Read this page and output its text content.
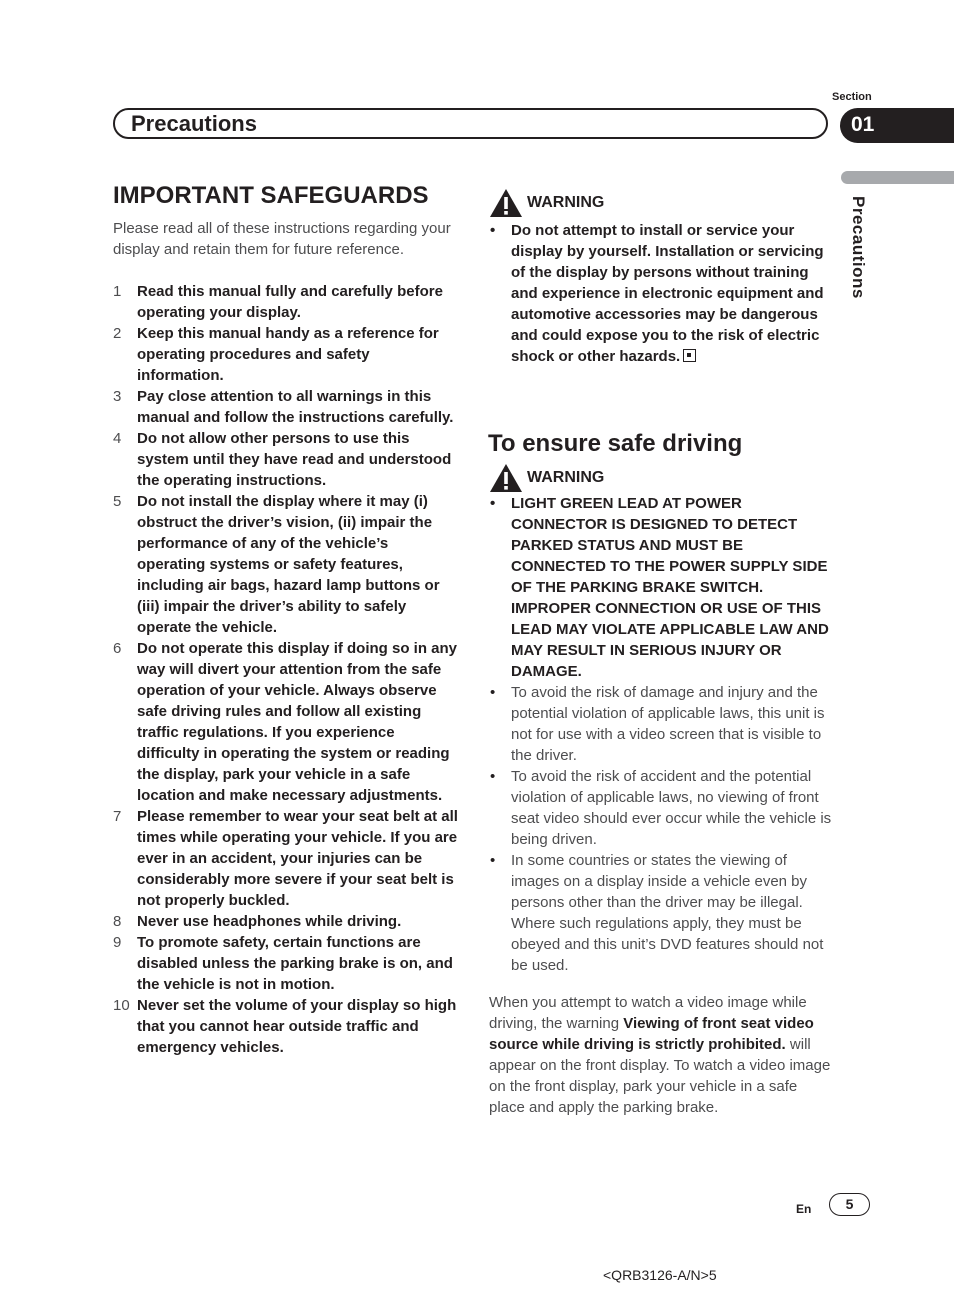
Section
Precautions	01
Precautions
IMPORTANT SAFEGUARDS
Please read all of these instructions regarding your display and retain them for future reference.
1 Read this manual fully and carefully before operating your display.
2 Keep this manual handy as a reference for operating procedures and safety information.
3 Pay close attention to all warnings in this manual and follow the instructions carefully.
4 Do not allow other persons to use this system until they have read and understood the operating instructions.
5 Do not install the display where it may (i) obstruct the driver’s vision, (ii) impair the performance of any of the vehicle’s operating systems or safety features, including air bags, hazard lamp buttons or (iii) impair the driver’s ability to safely operate the vehicle.
6 Do not operate this display if doing so in any way will divert your attention from the safe operation of your vehicle. Always observe safe driving rules and follow all existing traffic regulations. If you experience difficulty in operating the system or reading the display, park your vehicle in a safe location and make necessary adjustments.
7 Please remember to wear your seat belt at all times while operating your vehicle. If you are ever in an accident, your injuries can be considerably more severe if your seat belt is not properly buckled.
8 Never use headphones while driving.
9 To promote safety, certain functions are disabled unless the parking brake is on, and the vehicle is not in motion.
10 Never set the volume of your display so high that you cannot hear outside traffic and emergency vehicles.
WARNING
• Do not attempt to install or service your display by yourself. Installation or servicing of the display by persons without training and experience in electronic equipment and automotive accessories may be dangerous and could expose you to the risk of electric shock or other hazards.
To ensure safe driving
WARNING
• LIGHT GREEN LEAD AT POWER CONNECTOR IS DESIGNED TO DETECT PARKED STATUS AND MUST BE CONNECTED TO THE POWER SUPPLY SIDE OF THE PARKING BRAKE SWITCH. IMPROPER CONNECTION OR USE OF THIS LEAD MAY VIOLATE APPLICABLE LAW AND MAY RESULT IN SERIOUS INJURY OR DAMAGE.
• To avoid the risk of damage and injury and the potential violation of applicable laws, this unit is not for use with a video screen that is visible to the driver.
• To avoid the risk of accident and the potential violation of applicable laws, no viewing of front seat video should ever occur while the vehicle is being driven.
• In some countries or states the viewing of images on a display inside a vehicle even by persons other than the driver may be illegal. Where such regulations apply, they must be obeyed and this unit’s DVD features should not be used.
When you attempt to watch a video image while driving, the warning Viewing of front seat video source while driving is strictly prohibited. will appear on the front display. To watch a video image on the front display, park your vehicle in a safe place and apply the parking brake.
En	5
<QRB3126-A/N>5
